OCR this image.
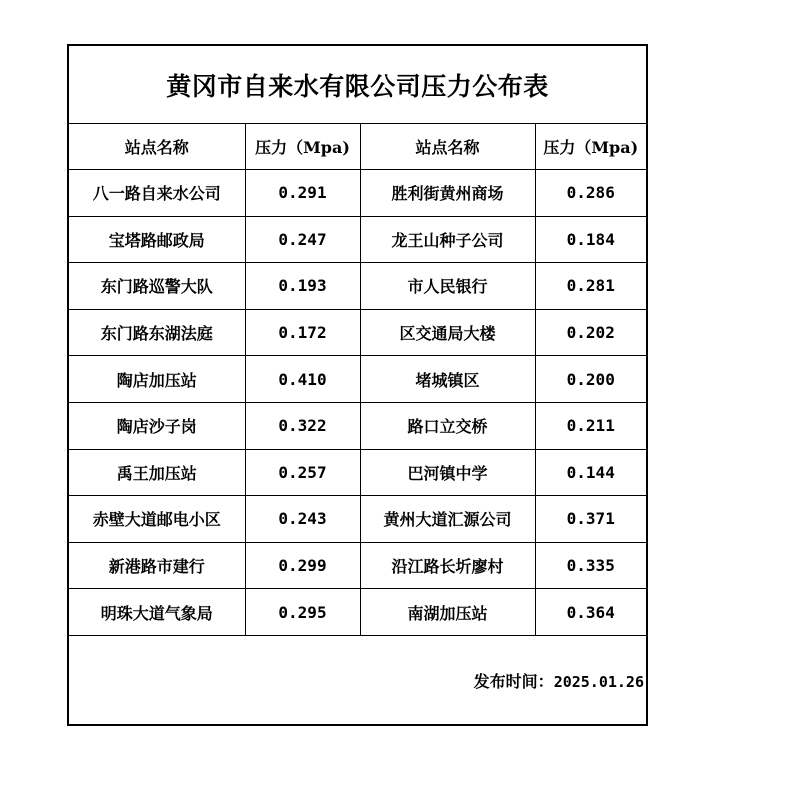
黄冈市自来水有限公司压力公布表
站点名称	压力（Mpa)	站点名称	压力（Mpa)
八一路自来水公司	0.291	胜利街黄州商场	0.286
宝塔路邮政局	0.247	龙王山种子公司	0.184
东门路巡警大队	0.193	市人民银行	0.281
东门路东湖法庭	0.172	区交通局大楼	0.202
陶店加压站	0.410	堵城镇区	0.200
陶店沙子岗	0.322	路口立交桥	0.211
禹王加压站	0.257	巴河镇中学	0.144
赤壁大道邮电小区	0.243	黄州大道汇源公司	0.371
新港路市建行	0.299	沿江路长圻廖村	0.335
明珠大道气象局	0.295	南湖加压站	0.364
发布时间：2025.01.26
